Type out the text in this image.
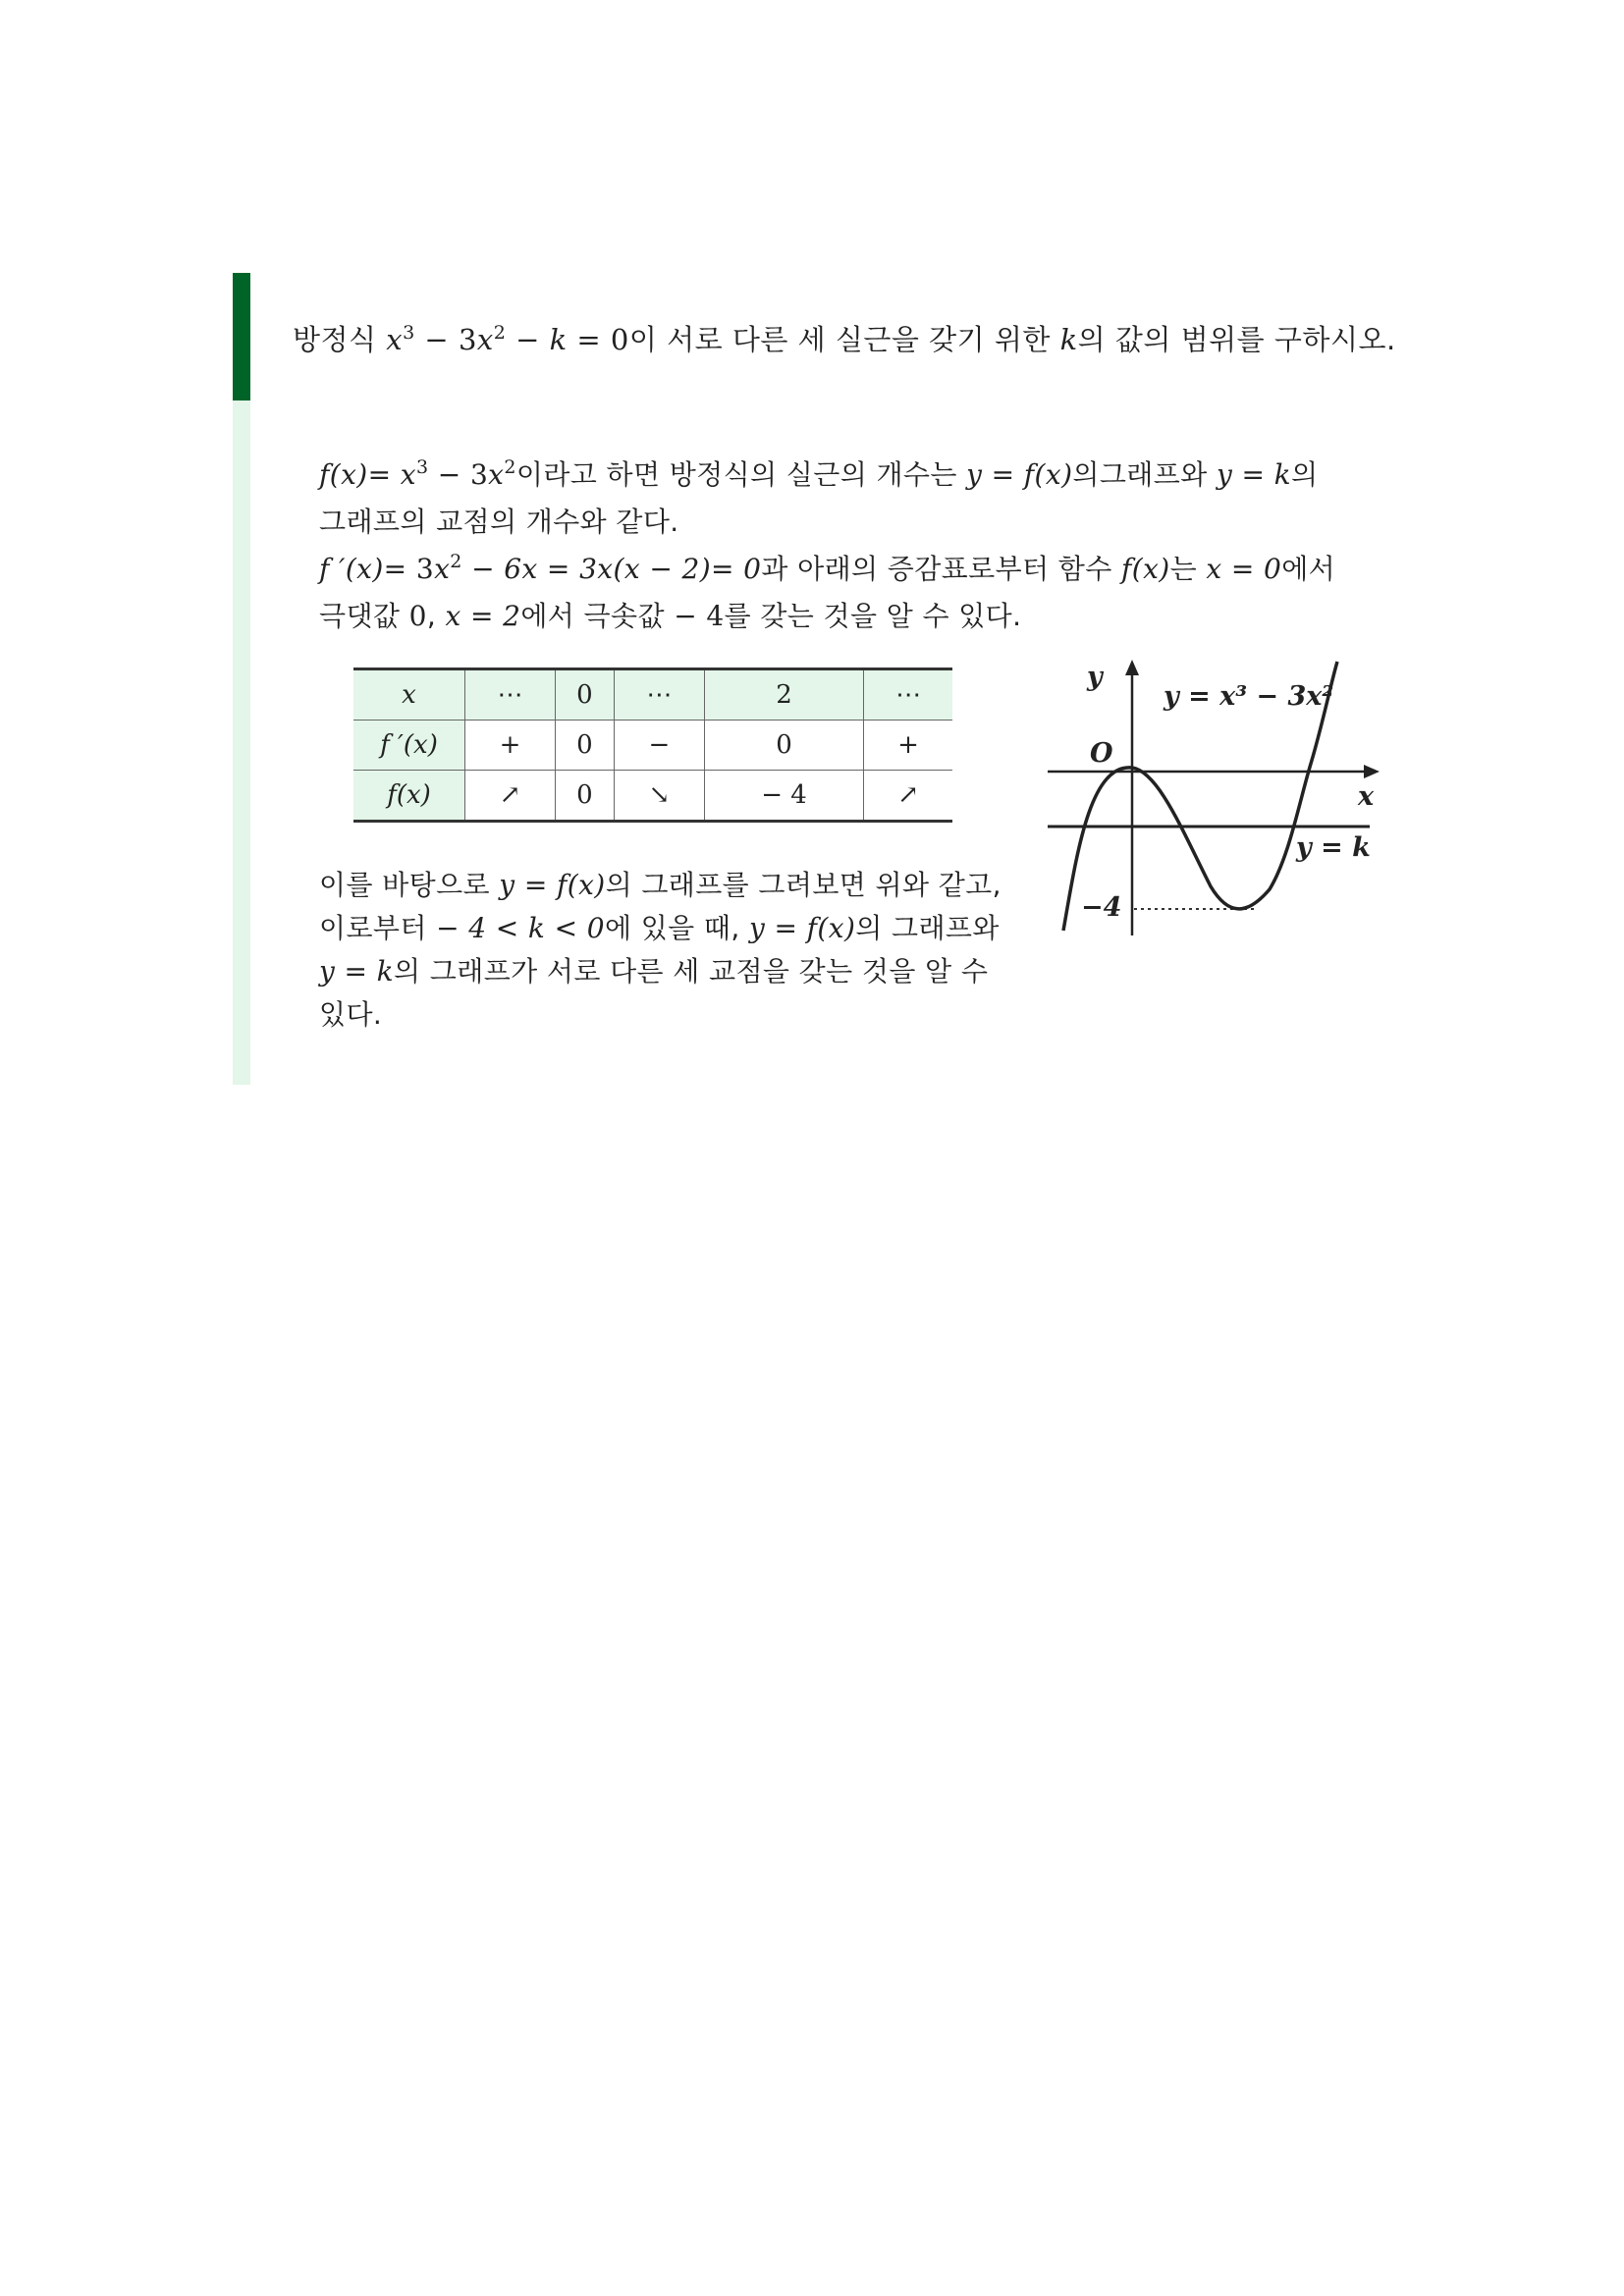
방정식 $x^3 - 3x^2 - k = 0$이 서로 다른 세 실근을 갖기 위한 k의 값의 범위를 구하시오.

$f(x)= x^3 - 3x^2$이라고 하면 방정식의 실근의 개수는 y = f(x)의그래프와 y = k의

그래프의 교점의 개수와 같다.

f $'(x)= 3x^2 - 6x = 3x(x - 2)= 0$과 아래의 증감표로부터 함수 f(x)는 x = 0에서

극댓값 0, x = 2에서 극솟값 − 4를 갖는 것을 알 수 있다.

x	⋯	0	⋯	2	⋯
f ′(x)	+	0	−	0	+
f(x)	↗	0	↘	− 4	↗
y
x
O
y = x³ − 3x²
y = k
−4

이를 바탕으로 y = f(x)의 그래프를 그려보면 위와 같고,

이로부터 − 4 < k < 0에 있을 때, y = f(x)의 그래프와

y = k의 그래프가 서로 다른 세 교점을 갖는 것을 알 수

있다.
